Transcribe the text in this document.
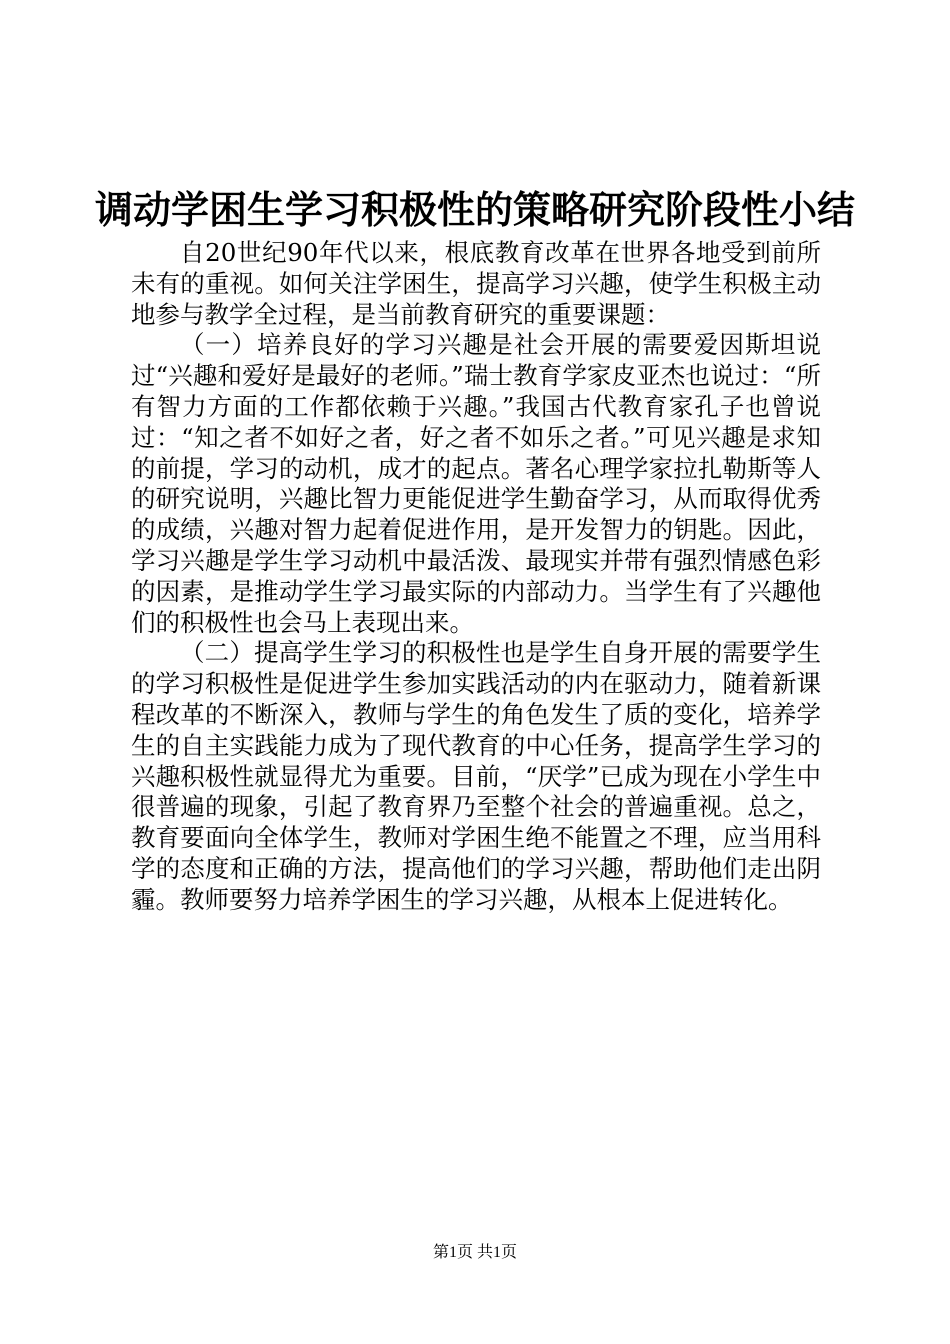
调动学困生学习积极性的策略研究阶段性小结

自20世纪90年代以来，根底教育改革在世界各地受到前所未有的重视。如何关注学困生，提高学习兴趣，使学生积极主动地参与教学全过程，是当前教育研究的重要课题：

（一）培养良好的学习兴趣是社会开展的需要爱因斯坦说过“兴趣和爱好是最好的老师。”瑞士教育学家皮亚杰也说过：“所有智力方面的工作都依赖于兴趣。”我国古代教育家孔子也曾说过：“知之者不如好之者，好之者不如乐之者。”可见兴趣是求知的前提，学习的动机，成才的起点。著名心理学家拉扎勒斯等人的研究说明，兴趣比智力更能促进学生勤奋学习，从而取得优秀的成绩，兴趣对智力起着促进作用，是开发智力的钥匙。因此，学习兴趣是学生学习动机中最活泼、最现实并带有强烈情感色彩的因素，是推动学生学习最实际的内部动力。当学生有了兴趣他们的积极性也会马上表现出来。

（二）提高学生学习的积极性也是学生自身开展的需要学生的学习积极性是促进学生参加实践活动的内在驱动力，随着新课程改革的不断深入，教师与学生的角色发生了质的变化，培养学生的自主实践能力成为了现代教育的中心任务，提高学生学习的兴趣积极性就显得尤为重要。目前，“厌学”已成为现在小学生中很普遍的现象，引起了教育界乃至整个社会的普遍重视。总之，教育要面向全体学生，教师对学困生绝不能置之不理，应当用科学的态度和正确的方法，提高他们的学习兴趣，帮助他们走出阴霾。教师要努力培养学困生的学习兴趣，从根本上促进转化。

第1页 共1页
